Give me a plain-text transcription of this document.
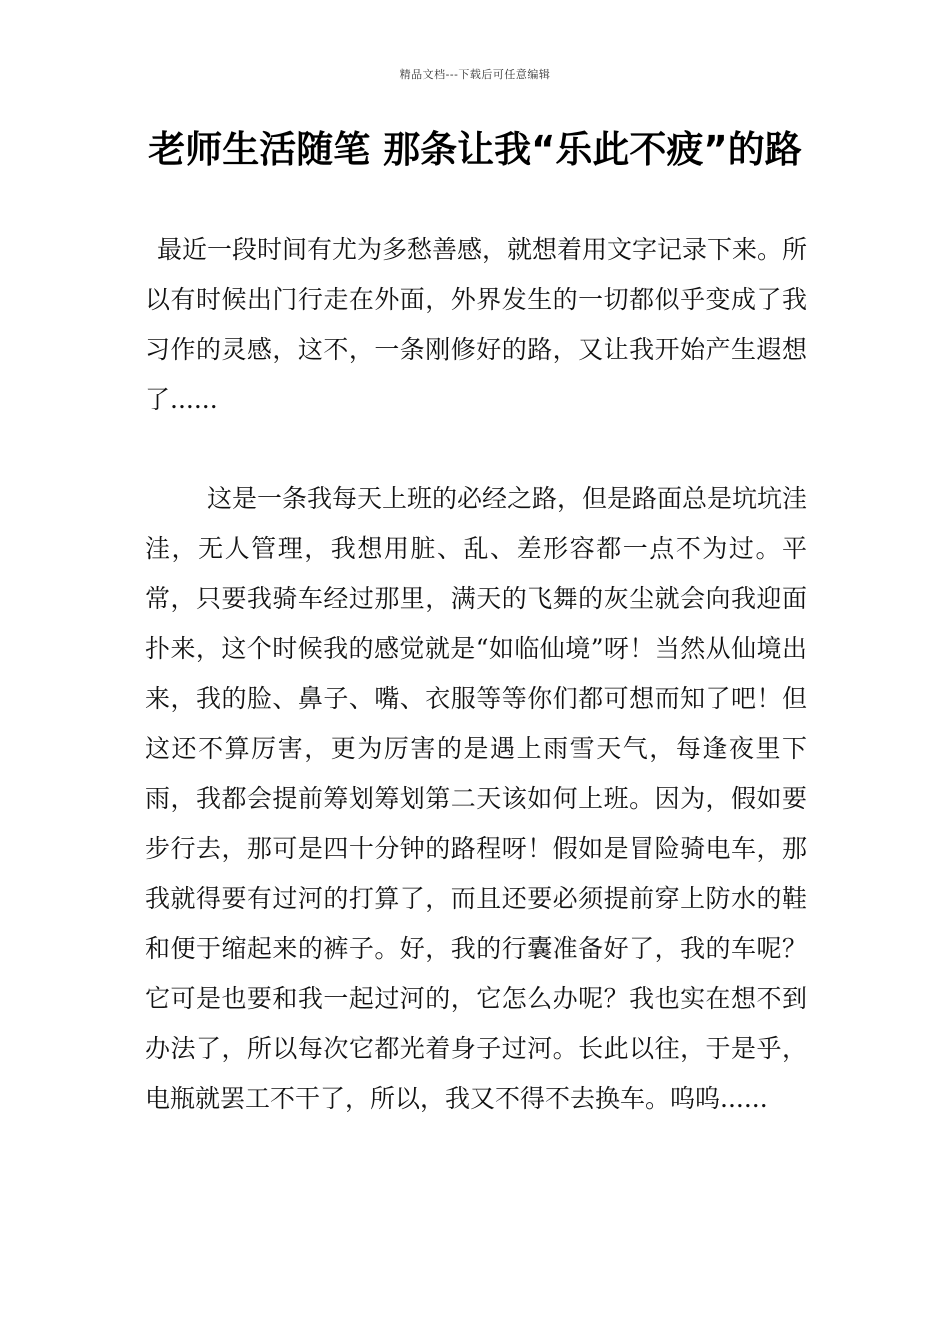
精品文档---下载后可任意编辑
老师生活随笔 那条让我“乐此不疲”的路

最近一段时间有尤为多愁善感，就想着用文字记录下来。所以有时候出门行走在外面，外界发生的一切都似乎变成了我习作的灵感，这不，一条刚修好的路，又让我开始产生遐想了......

这是一条我每天上班的必经之路，但是路面总是坑坑洼洼，无人管理，我想用脏、乱、差形容都一点不为过。平常，只要我骑车经过那里，满天的飞舞的灰尘就会向我迎面扑来，这个时候我的感觉就是“如临仙境”呀！当然从仙境出来，我的脸、鼻子、嘴、衣服等等你们都可想而知了吧！但这还不算厉害，更为厉害的是遇上雨雪天气，每逢夜里下雨，我都会提前筹划筹划第二天该如何上班。因为，假如要步行去，那可是四十分钟的路程呀！假如是冒险骑电车，那我就得要有过河的打算了，而且还要必须提前穿上防水的鞋和便于缩起来的裤子。好，我的行囊准备好了，我的车呢？它可是也要和我一起过河的，它怎么办呢？我也实在想不到办法了，所以每次它都光着身子过河。长此以往，于是乎，电瓶就罢工不干了，所以，我又不得不去换车。呜呜......
